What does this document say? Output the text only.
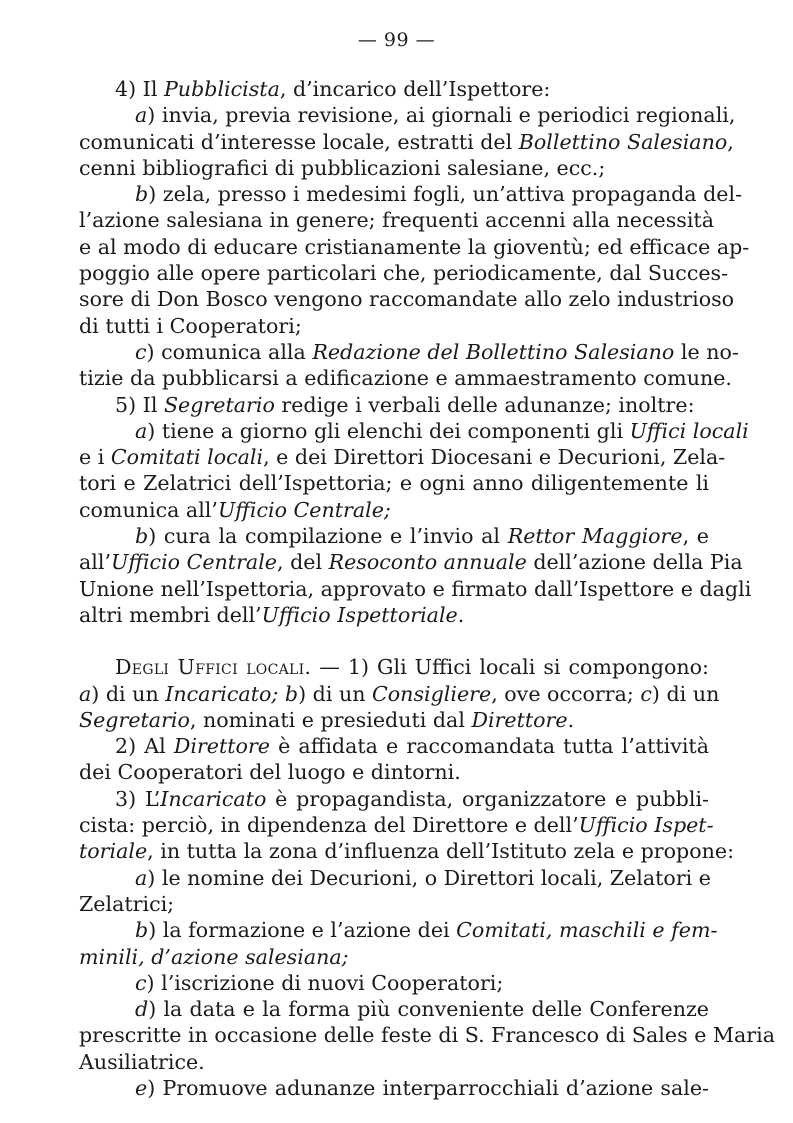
— 99 —
4) Il Pubblicista, d’incarico dell’Ispettore:
a) invia, previa revisione, ai giornali e periodici regionali,
comunicati d’interesse locale, estratti del Bollettino Salesiano,
cenni bibliografici di pubblicazioni salesiane, ecc.;
b) zela, presso i medesimi fogli, un’attiva propaganda del-
l’azione salesiana in genere; frequenti accenni alla necessità
e al modo di educare cristianamente la gioventù; ed efficace ap-
poggio alle opere particolari che, periodicamente, dal Succes-
sore di Don Bosco vengono raccomandate allo zelo industrioso
di tutti i Cooperatori;
c) comunica alla Redazione del Bollettino Salesiano le no-
tizie da pubblicarsi a edificazione e ammaestramento comune.
5) Il Segretario redige i verbali delle adunanze; inoltre:
a) tiene a giorno gli elenchi dei componenti gli Uffici locali
e i Comitati locali, e dei Direttori Diocesani e Decurioni, Zela-
tori e Zelatrici dell’Ispettoria; e ogni anno diligentemente li
comunica all’Ufficio Centrale;
b) cura la compilazione e l’invio al Rettor Maggiore, e
all’Ufficio Centrale, del Resoconto annuale dell’azione della Pia
Unione nell’Ispettoria, approvato e firmato dall’Ispettore e dagli
altri membri dell’Ufficio Ispettoriale.
Degli Uffici locali. — 1) Gli Uffici locali si compongono:
a) di un Incaricato; b) di un Consigliere, ove occorra; c) di un
Segretario, nominati e presieduti dal Direttore.
2) Al Direttore è affidata e raccomandata tutta l’attività
dei Cooperatori del luogo e dintorni.
3) L’Incaricato è propagandista, organizzatore e pubbli-
cista: perciò, in dipendenza del Direttore e dell’Ufficio Ispet-
toriale, in tutta la zona d’influenza dell’Istituto zela e propone:
a) le nomine dei Decurioni, o Direttori locali, Zelatori e
Zelatrici;
b) la formazione e l’azione dei Comitati, maschili e fem-
minili, d’azione salesiana;
c) l’iscrizione di nuovi Cooperatori;
d) la data e la forma più conveniente delle Conferenze
prescritte in occasione delle feste di S. Francesco di Sales e Maria
Ausiliatrice.
e) Promuove adunanze interparrocchiali d’azione sale-
